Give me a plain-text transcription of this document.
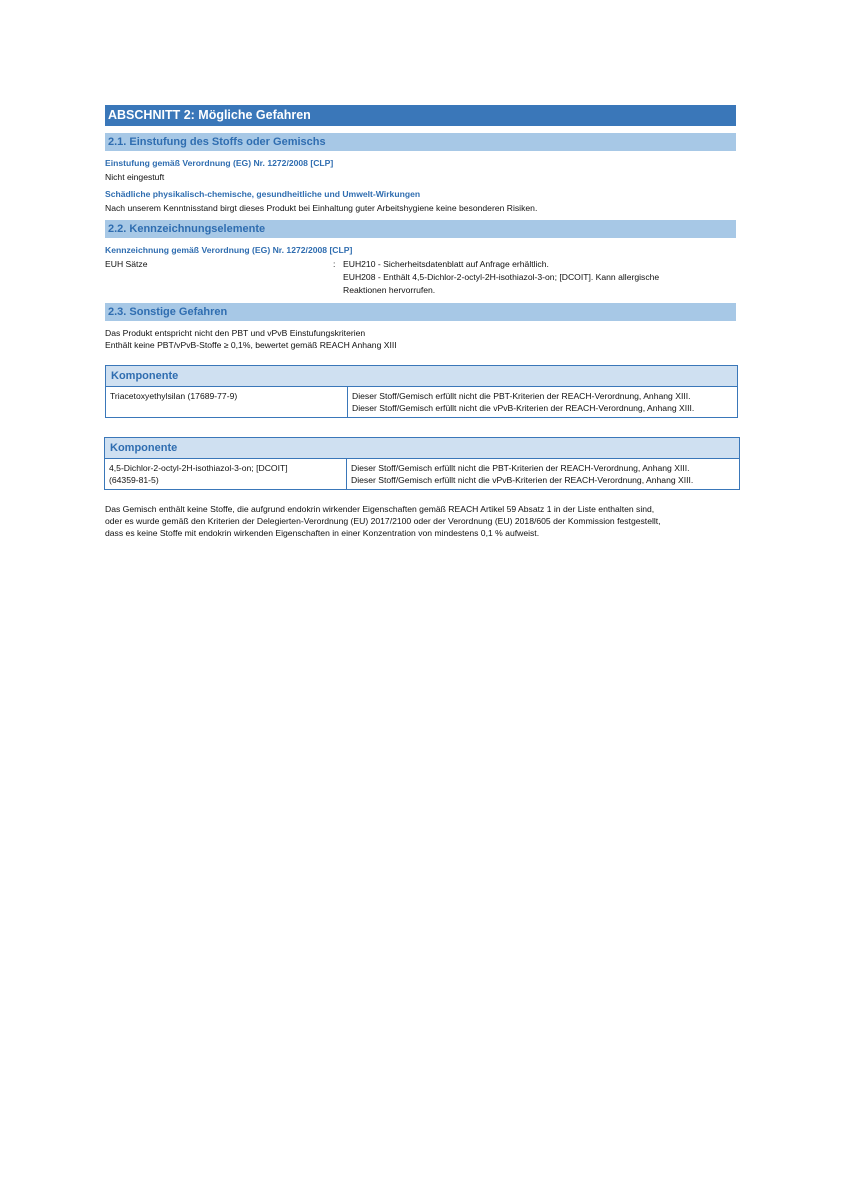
ABSCHNITT 2: Mögliche Gefahren
2.1. Einstufung des Stoffs oder Gemischs
Einstufung gemäß Verordnung (EG) Nr. 1272/2008 [CLP]
Nicht eingestuft
Schädliche physikalisch-chemische, gesundheitliche und Umwelt-Wirkungen
Nach unserem Kenntnisstand birgt dieses Produkt bei Einhaltung guter Arbeitshygiene keine besonderen Risiken.
2.2. Kennzeichnungselemente
Kennzeichnung gemäß Verordnung (EG) Nr. 1272/2008 [CLP]
EUH Sätze	: EUH210 - Sicherheitsdatenblatt auf Anfrage erhältlich.
EUH208 - Enthält 4,5-Dichlor-2-octyl-2H-isothiazol-3-on; [DCOIT]. Kann allergische
Reaktionen hervorrufen.
2.3. Sonstige Gefahren
Das Produkt entspricht nicht den PBT und vPvB Einstufungskriterien
Enthält keine PBT/vPvB-Stoffe ≥ 0,1%, bewertet gemäß REACH Anhang XIII
Komponente
Triacetoxyethylsilan (17689-77-9)	Dieser Stoff/Gemisch erfüllt nicht die PBT-Kriterien der REACH-Verordnung, Anhang XIII.
Dieser Stoff/Gemisch erfüllt nicht die vPvB-Kriterien der REACH-Verordnung, Anhang XIII.
Komponente
4,5-Dichlor-2-octyl-2H-isothiazol-3-on; [DCOIT]
(64359-81-5)
Dieser Stoff/Gemisch erfüllt nicht die PBT-Kriterien der REACH-Verordnung, Anhang XIII.
Dieser Stoff/Gemisch erfüllt nicht die vPvB-Kriterien der REACH-Verordnung, Anhang XIII.
Das Gemisch enthält keine Stoffe, die aufgrund endokrin wirkender Eigenschaften gemäß REACH Artikel 59 Absatz 1 in der Liste enthalten sind,
oder es wurde gemäß den Kriterien der Delegierten-Verordnung (EU) 2017/2100 oder der Verordnung (EU) 2018/605 der Kommission festgestellt,
dass es keine Stoffe mit endokrin wirkenden Eigenschaften in einer Konzentration von mindestens 0,1 % aufweist.
